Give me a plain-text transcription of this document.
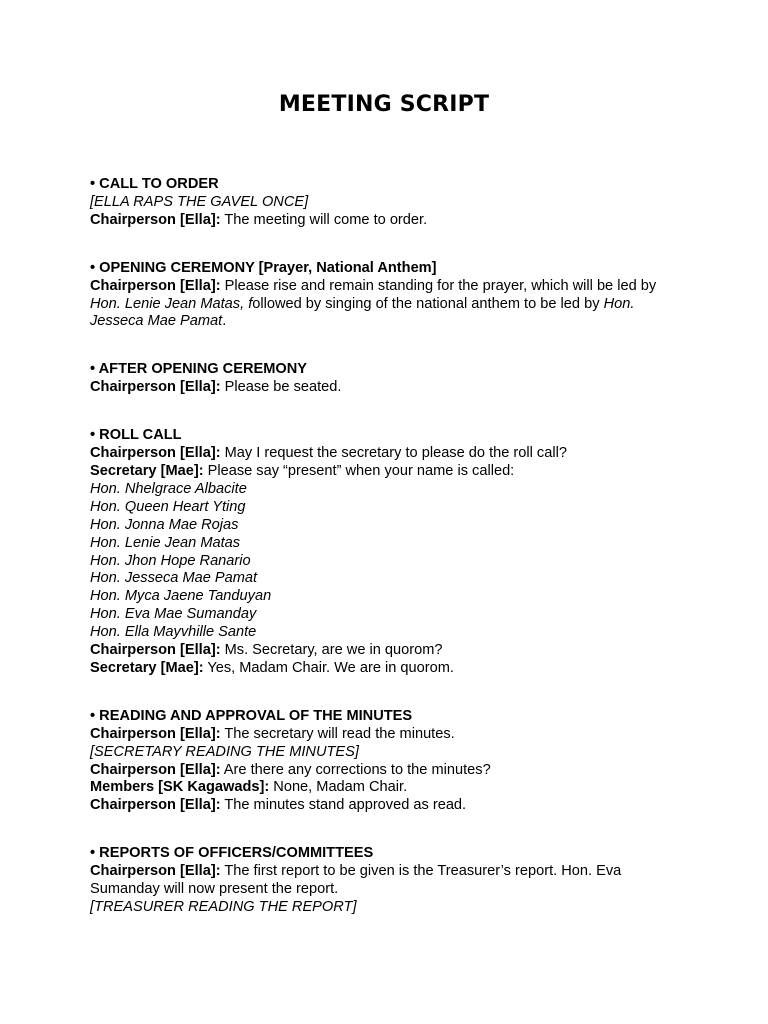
MEETING SCRIPT

• CALL TO ORDER

[ELLA RAPS THE GAVEL ONCE]

Chairperson [Ella]: The meeting will come to order.

• OPENING CEREMONY [Prayer, National Anthem]

Chairperson [Ella]: Please rise and remain standing for the prayer, which will be led by Hon. Lenie Jean Matas, followed by singing of the national anthem to be led by Hon. Jesseca Mae Pamat.

• AFTER OPENING CEREMONY

Chairperson [Ella]: Please be seated.

• ROLL CALL

Chairperson [Ella]: May I request the secretary to please do the roll call?

Secretary [Mae]: Please say “present” when your name is called:

Hon. Nhelgrace Albacite
Hon. Queen Heart Yting
Hon. Jonna Mae Rojas
Hon. Lenie Jean Matas
Hon. Jhon Hope Ranario
Hon. Jesseca Mae Pamat
Hon. Myca Jaene Tanduyan
Hon. Eva Mae Sumanday
Hon. Ella Mayvhille Sante

Chairperson [Ella]: Ms. Secretary, are we in quorom?

Secretary [Mae]: Yes, Madam Chair. We are in quorom.

• READING AND APPROVAL OF THE MINUTES

Chairperson [Ella]: The secretary will read the minutes.

[SECRETARY READING THE MINUTES]

Chairperson [Ella]: Are there any corrections to the minutes?

Members [SK Kagawads]: None, Madam Chair.

Chairperson [Ella]: The minutes stand approved as read.

• REPORTS OF OFFICERS/COMMITTEES

Chairperson [Ella]: The first report to be given is the Treasurer’s report. Hon. Eva Sumanday will now present the report.

[TREASURER READING THE REPORT]
